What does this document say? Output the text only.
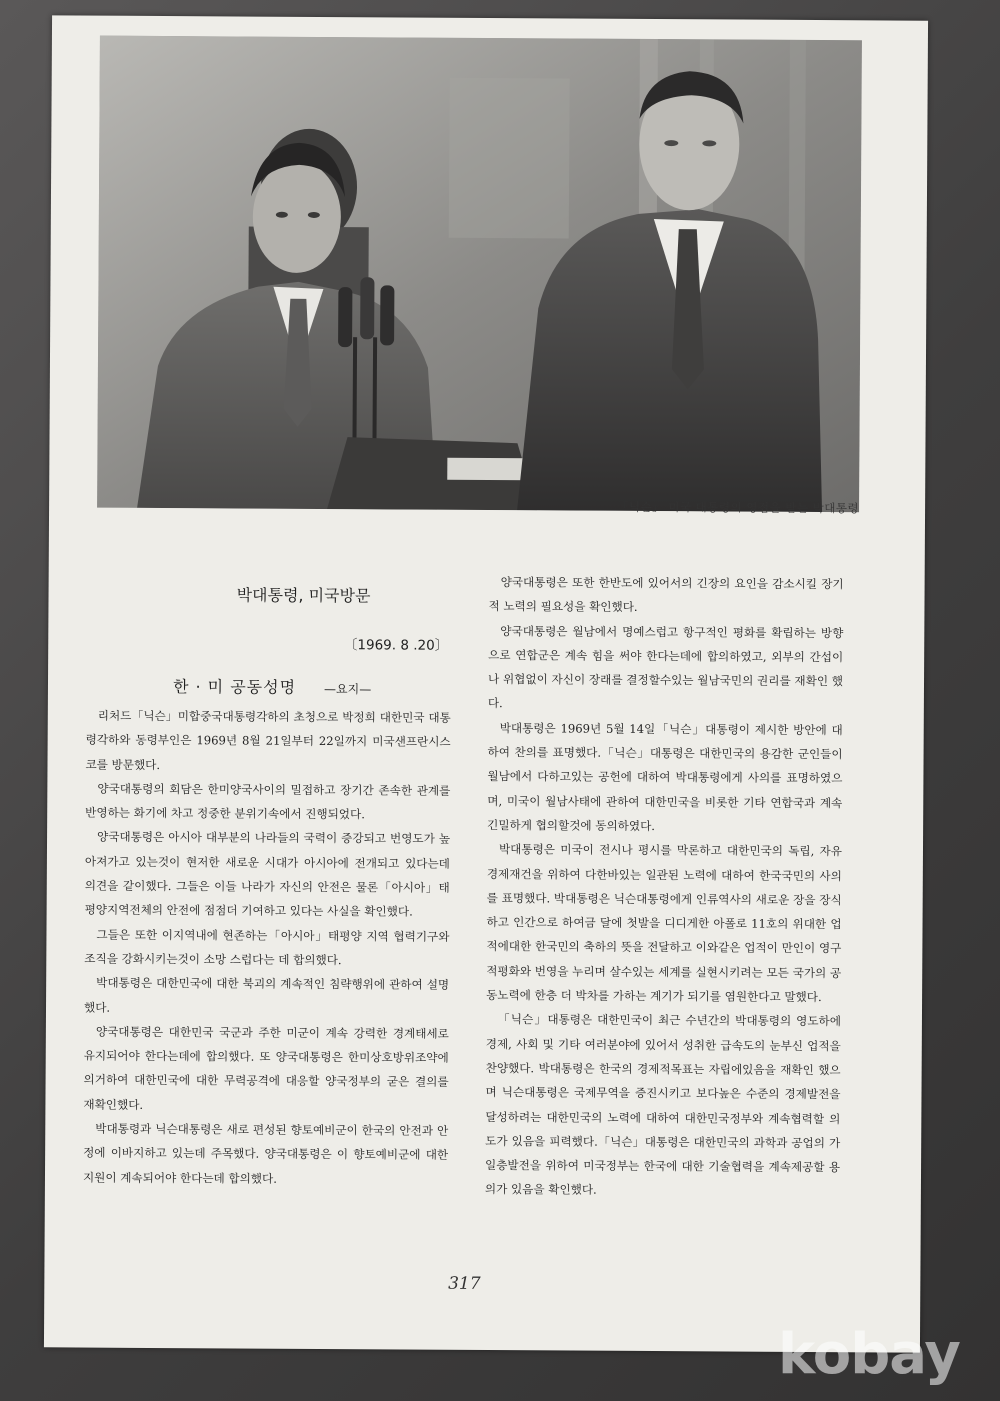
「닉슨」 미국 대통령의 영접을 받는 박대통령
박대통령, 미국방문
〔1969. 8 .20〕
한 · 미 공동성명 —요지—

리처드「닉슨」미합중국대통령각하의 초청으로 박정희 대한민국 대통령각하와 동령부인은 1969년 8월 21일부터 22일까지 미국샌프란시스코를 방문했다.

양국대통령의 회담은 한미양국사이의 밀접하고 장기간 존속한 관계를 반영하는 화기에 차고 정중한 분위기속에서 진행되었다.

양국대통령은 아시아 대부분의 나라들의 국력이 증강되고 번영도가 높아져가고 있는것이 현저한 새로운 시대가 아시아에 전개되고 있다는데 의견을 같이했다. 그들은 이들 나라가 자신의 안전은 물론「아시아」태평양지역전체의 안전에 점점더 기여하고 있다는 사실을 확인했다.

그들은 또한 이지역내에 현존하는「아시아」태평양 지역 협력기구와 조직을 강화시키는것이 소망 스럽다는 데 합의했다.

박대통령은 대한민국에 대한 북괴의 계속적인 침략행위에 관하여 설명했다.

양국대통령은 대한민국 국군과 주한 미군이 계속 강력한 경계태세로 유지되어야 한다는데에 합의했다. 또 양국대통령은 한미상호방위조약에 의거하여 대한민국에 대한 무력공격에 대응할 양국정부의 굳은 결의를 재확인했다.

박대통령과 닉슨대통령은 새로 편성된 향토예비군이 한국의 안전과 안정에 이바지하고 있는데 주목했다. 양국대통령은 이 향토예비군에 대한 지원이 계속되어야 한다는데 합의했다.

양국대통령은 또한 한반도에 있어서의 긴장의 요인을 감소시킬 장기적 노력의 필요성을 확인했다.

양국대통령은 월남에서 명예스럽고 항구적인 평화를 확립하는 방향으로 연합군은 계속 힘을 써야 한다는데에 합의하였고, 외부의 간섭이나 위협없이 자신이 장래를 결정할수있는 월남국민의 권리를 재확인 했다.

박대통령은 1969년 5월 14일「닉슨」대통령이 제시한 방안에 대하여 찬의를 표명했다.「닉슨」대통령은 대한민국의 용감한 군인들이 월남에서 다하고있는 공헌에 대하여 박대통령에게 사의를 표명하였으며, 미국이 월남사태에 관하여 대한민국을 비롯한 기타 연합국과 계속 긴밀하게 협의할것에 동의하였다.

박대통령은 미국이 전시나 평시를 막론하고 대한민국의 독립, 자유경제재건을 위하여 다한바있는 일관된 노력에 대하여 한국국민의 사의를 표명했다. 박대통령은 닉슨대통령에게 인류역사의 새로운 장을 장식하고 인간으로 하여금 달에 첫발을 디디게한 아폴로 11호의 위대한 업적에대한 한국민의 축하의 뜻을 전달하고 이와같은 업적이 만인이 영구적평화와 번영을 누리며 살수있는 세계를 실현시키려는 모든 국가의 공동노력에 한층 더 박차를 가하는 계기가 되기를 염원한다고 말했다.

「닉슨」대통령은 대한민국이 최근 수년간의 박대통령의 영도하에 경제, 사회 및 기타 여러분야에 있어서 성취한 급속도의 눈부신 업적을 찬양했다. 박대통령은 한국의 경제적목표는 자립에있음을 재확인 했으며 닉슨대통령은 국제무역을 증진시키고 보다높은 수준의 경제발전을 달성하려는 대한민국의 노력에 대하여 대한민국정부와 계속협력할 의도가 있음을 피력했다.「닉슨」대통령은 대한민국의 과학과 공업의 가일층발전을 위하여 미국정부는 한국에 대한 기술협력을 계속제공할 용의가 있음을 확인했다.

317
kobay
